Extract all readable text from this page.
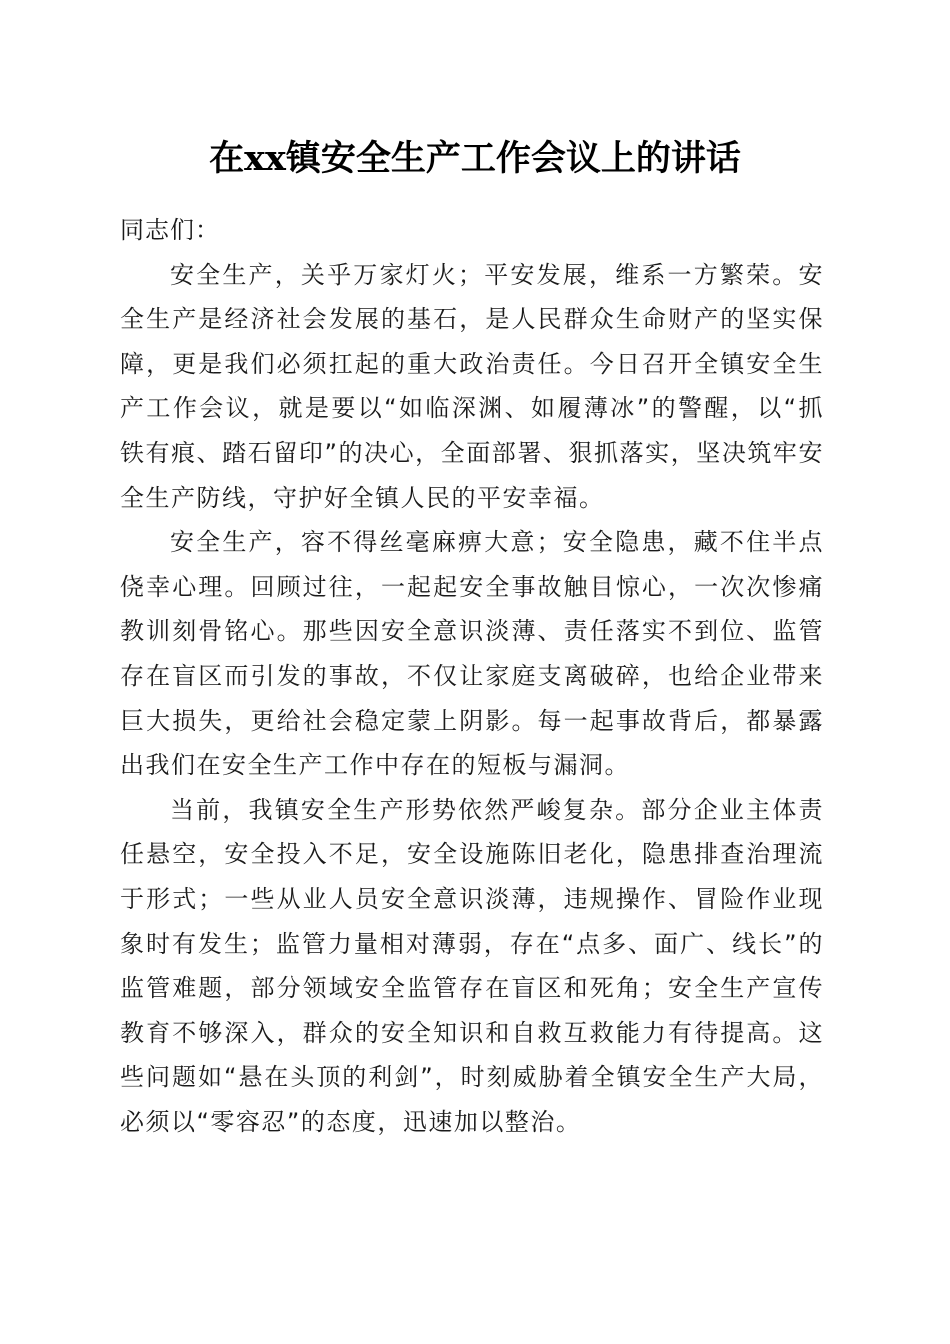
在xx镇安全生产工作会议上的讲话

同志们：

安全生产，关乎万家灯火；平安发展，维系一方繁荣。安全生产是经济社会发展的基石，是人民群众生命财产的坚实保障，更是我们必须扛起的重大政治责任。今日召开全镇安全生产工作会议，就是要以“如临深渊、如履薄冰”的警醒，以“抓铁有痕、踏石留印”的决心，全面部署、狠抓落实，坚决筑牢安全生产防线，守护好全镇人民的平安幸福。

安全生产，容不得丝毫麻痹大意；安全隐患，藏不住半点侥幸心理。回顾过往，一起起安全事故触目惊心，一次次惨痛教训刻骨铭心。那些因安全意识淡薄、责任落实不到位、监管存在盲区而引发的事故，不仅让家庭支离破碎，也给企业带来巨大损失，更给社会稳定蒙上阴影。每一起事故背后，都暴露出我们在安全生产工作中存在的短板与漏洞。

当前，我镇安全生产形势依然严峻复杂。部分企业主体责任悬空，安全投入不足，安全设施陈旧老化，隐患排查治理流于形式；一些从业人员安全意识淡薄，违规操作、冒险作业现象时有发生；监管力量相对薄弱，存在“点多、面广、线长”的监管难题，部分领域安全监管存在盲区和死角；安全生产宣传教育不够深入，群众的安全知识和自救互救能力有待提高。这些问题如“悬在头顶的利剑”，时刻威胁着全镇安全生产大局，必须以“零容忍”的态度，迅速加以整治。
